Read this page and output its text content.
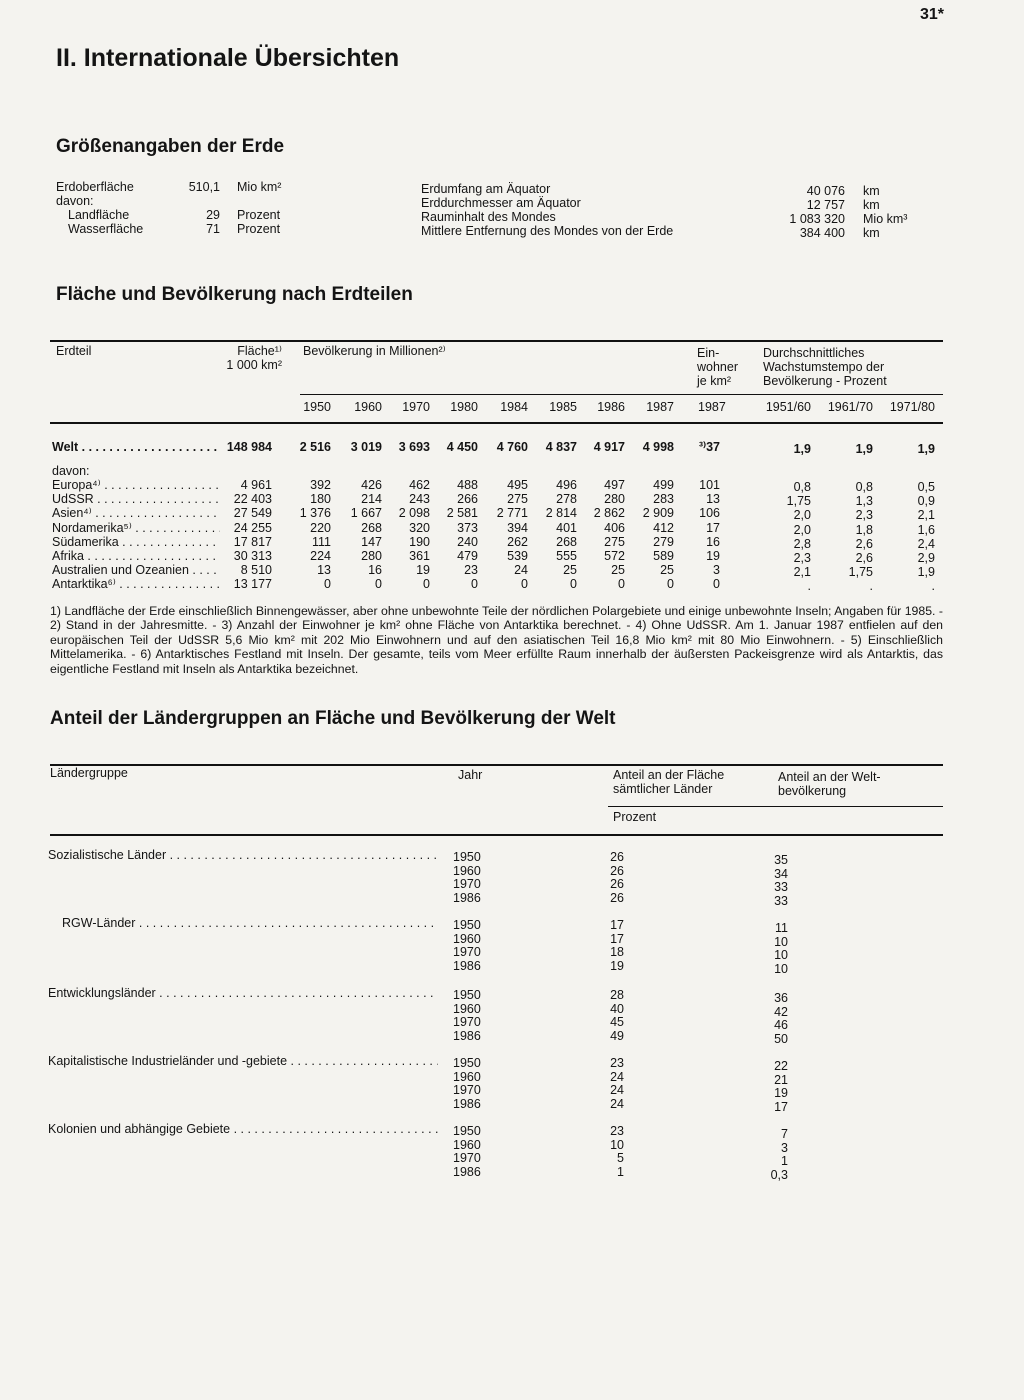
31*
II. Internationale Übersichten
Größenangaben der Erde
Erdoberfläche	510,1 Mio km²
davon:
Landfläche	29 Prozent
Wasserfläche	71 Prozent
Erdumfang am Äquator	40 076 km
Erddurchmesser am Äquator	12 757 km
Rauminhalt des Mondes	1 083 320 Mio km³
Mittlere Entfernung des Mondes von der Erde	384 400 km
Fläche und Bevölkerung nach Erdteilen
Erdteil	Fläche¹⁾
1 000 km²
Bevölkerung in Millionen²⁾	Ein-
wohner
je km²
Durchschnittliches
Wachstumstempo der
Bevölkerung - Prozent
1950	1960	1970	1980	1984	1985	1986	1987 1987	1951/60	1961/70	1971/80
Welt . . .	148 984	2 516	3 019	3 693	4 450	4 760	4 837	4 917	4 998	³⁾37	1,9	1,9	1,9
davon:
Europa⁴⁾ . . .	4 961	392	426	462	488	495	496	497	499	101	0,8	0,8	0,5
UdSSR . . .	22 403	180	214	243	266	275	278	280	283	13	1,75	1,3	0,9
Asien⁴⁾ . . .	27 549	1 376	1 667	2 098	2 581	2 771	2 814	2 862	2 909	106	2,0	2,3	2,1
Nordamerika⁵⁾ . . .	24 255	220	268	320	373	394	401	406	412	17	2,0	1,8	1,6
Südamerika . . .	17 817	111	147	190	240	262	268	275	279	16	2,8	2,6	2,4
Afrika . . .	30 313	224	280	361	479	539	555	572	589	19	2,3	2,6	2,9
Australien und Ozeanien . . .	8 510	13	16	19	23	24	25	25	25	3	2,1	1,75	1,9
Antarktika⁶⁾ . . .	13 177	0	0	0	0	0	0	0	0	0	.	.	.

1) Landfläche der Erde einschließlich Binnengewässer, aber ohne unbewohnte Teile der nördlichen Polargebiete und einige unbewohnte Inseln; Angaben für 1985. - 2) Stand in der Jahresmitte. - 3) Anzahl der Einwohner je km² ohne Fläche von Antarktika berechnet. - 4) Ohne UdSSR. Am 1. Januar 1987 entfielen auf den europäischen Teil der UdSSR 5,6 Mio km² mit 202 Mio Einwohnern und auf den asiatischen Teil 16,8 Mio km² mit 80 Mio Einwohnern. - 5) Einschließlich Mittelamerika. - 6) Antarktisches Festland mit Inseln. Der gesamte, teils vom Meer erfüllte Raum innerhalb der äußersten Packeisgrenze wird als Antarktis, das eigentliche Festland mit Inseln als Antarktika bezeichnet.

Anteil der Ländergruppen an Fläche und Bevölkerung der Welt
Ländergruppe	Jahr	Anteil an der Fläche
sämtlicher Länder
Anteil an der Welt-
bevölkerung
Prozent
Sozialistische Länder . . .	1950	26	35
1960	26	34
1970	26	33
1986	26	33
RGW-Länder . . .	1950	17	11
1960	17	10
1970	18	10
1986	19	10
Entwicklungsländer . . .	1950	28	36
1960	40	42
1970	45	46
1986	49	50
Kapitalistische Industrieländer und -gebiete . . .	1950	23	22
1960	24	21
1970	24	19
1986	24	17
Kolonien und abhängige Gebiete . . .	1950	23	7
1960	10	3
1970	5	1
1986	1	0,3
